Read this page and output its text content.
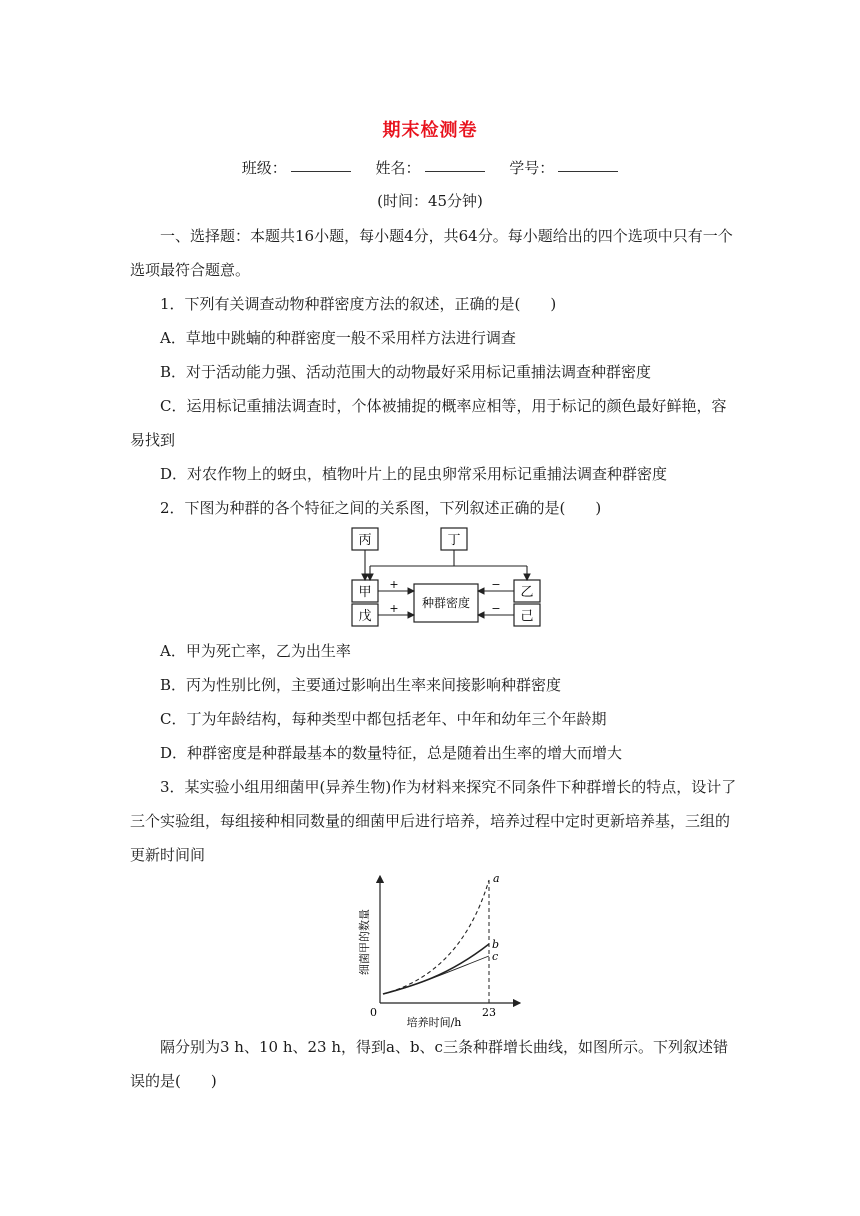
期末检测卷
班级：	姓名：	学号：
(时间：45分钟)
一、选择题：本题共16小题，每小题4分，共64分。每小题给出的四个选项中只有一个选项最符合题意。
1．下列有关调查动物种群密度方法的叙述，正确的是(　　)
A．草地中跳蝻的种群密度一般不采用样方法进行调查
B．对于活动能力强、活动范围大的动物最好采用标记重捕法调查种群密度
C．运用标记重捕法调查时，个体被捕捉的概率应相等，用于标记的颜色最好鲜艳，容易找到
D．对农作物上的蚜虫，植物叶片上的昆虫卵常采用标记重捕法调查种群密度
2．下图为种群的各个特征之间的关系图，下列叙述正确的是(　　)
丙	丁
甲
戊
乙
己
种群密度
+
+
−
−
A．甲为死亡率，乙为出生率
B．丙为性别比例，主要通过影响出生率来间接影响种群密度
C．丁为年龄结构，每种类型中都包括老年、中年和幼年三个年龄期
D．种群密度是种群最基本的数量特征，总是随着出生率的增大而增大
3．某实验小组用细菌甲(异养生物)作为材料来探究不同条件下种群增长的特点，设计了三个实验组，每组接种相同数量的细菌甲后进行培养，培养过程中定时更新培养基，三组的更新时间间
a
b
c
0	23
培养时间/h
细菌甲的数量
隔分别为3 h、10 h、23 h，得到a、b、c三条种群增长曲线，如图所示。下列叙述错误的是(　　)
